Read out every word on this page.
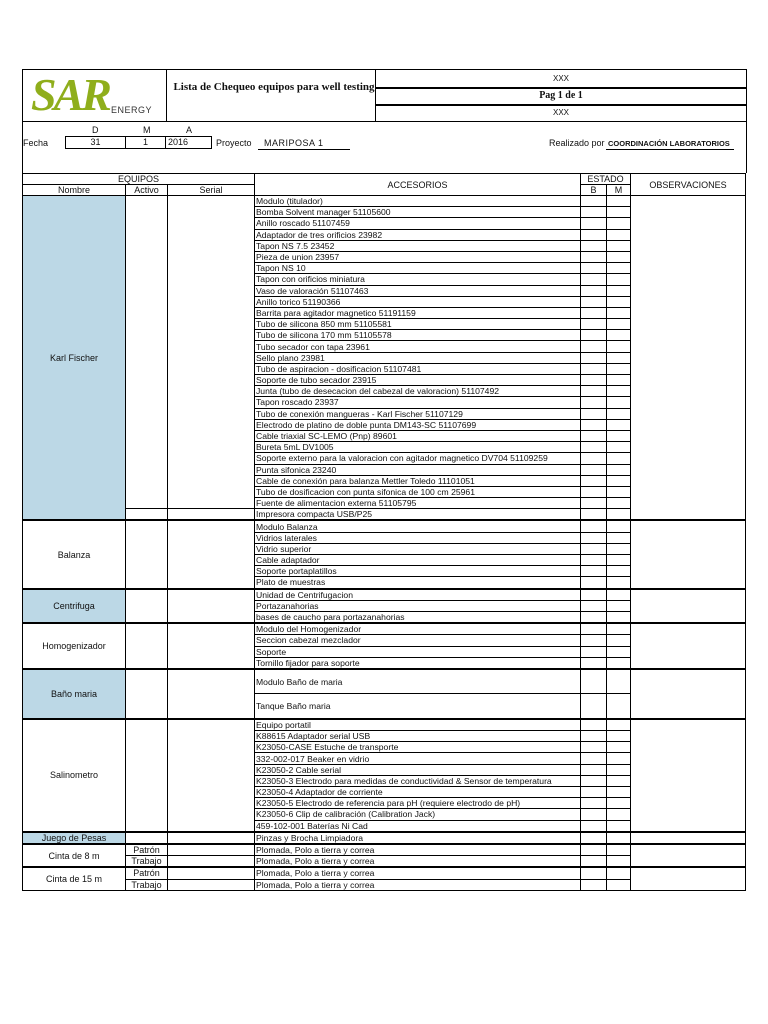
SAR ENERGY
Lista de Chequeo equipos para well testing
XXX
Pag 1 de 1
XXX
D	M	A
Fecha	31	1	2016	Proyecto MARIPOSA 1	Realizado por COORDINACIÓN LABORATORIOS
EQUIPOS			ACCESORIOS	ESTADO		OBSERVACIONES
Nombre	Activo	Serial		B	M	
Karl Fischer			Modulo (titulador)			
			Bomba Solvent manager 51105600			
			Anillo roscado 51107459			
			Adaptador de tres orificios 23982			
			Tapon NS 7.5 23452			
			Pieza de union 23957			
			Tapon NS 10			
			Tapon con orificios miniatura			
			Vaso de valoración 51107463			
			Anillo torico 51190366			
			Barrita para agitador magnetico 51191159			
			Tubo de silicona 850 mm 51105581			
			Tubo de silicona 170 mm 51105578			
			Tubo secador con tapa 23961			
			Sello plano 23981			
			Tubo de aspiracion - dosificacion 51107481			
			Soporte de tubo secador 23915			
			Junta (tubo de desecacion del cabezal de valoracion) 51107492			
			Tapon roscado 23937			
			Tubo de conexión mangueras - Karl Fischer 51107129			
			Electrodo de platino de doble punta DM143-SC 51107699			
			Cable triaxial SC-LEMO (Pnp) 89601			
			Bureta 5mL DV1005			
			Soporte externo para la valoracion con agitador magnetico DV704 51109259			
			Punta sifonica 23240			
			Cable de conexión para balanza Mettler Toledo 11101051			
			Tubo de dosificacion con punta sifonica de 100 cm 25961			
			Fuente de alimentacion externa 51105795			
			Impresora compacta USB/P25			
Balanza			Modulo Balanza			
			Vidrios laterales			
			Vidrio superior			
			Cable adaptador			
			Soporte portaplatillos			
			Plato de muestras			
Centrifuga			Unidad de Centrifugacion			
			Portazanahorias			
			bases de caucho para portazanahorias			
Homogenizador			Modulo del Homogenizador			
			Seccion cabezal mezclador			
			Soporte			
			Tornillo fijador para soporte			
Baño maria			Modulo Baño de maria			
			Tanque Baño maria			
Salinometro			Equipo portatil			
			K88615 Adaptador serial USB			
			K23050-CASE Estuche de transporte			
			332-002-017 Beaker en vidrio			
			K23050-2 Cable serial			
			K23050-3 Electrodo para medidas de conductividad & Sensor de temperatura			
			K23050-4 Adaptador de corriente			
			K23050-5 Electrodo de referencia para pH (requiere electrodo de pH)			
			K23050-6 Clip de calibración (Calibration Jack)			
			459-102-001 Baterías Ni Cad			
Juego de Pesas			Pinzas y Brocha Limpiadora			
Cinta de 8 m	Patrón		Plomada, Polo a tierra y correa			
	Trabajo		Plomada, Polo a tierra y correa			
Cinta de 15 m	Patrón		Plomada, Polo a tierra y correa			
	Trabajo		Plomada, Polo a tierra y correa			
